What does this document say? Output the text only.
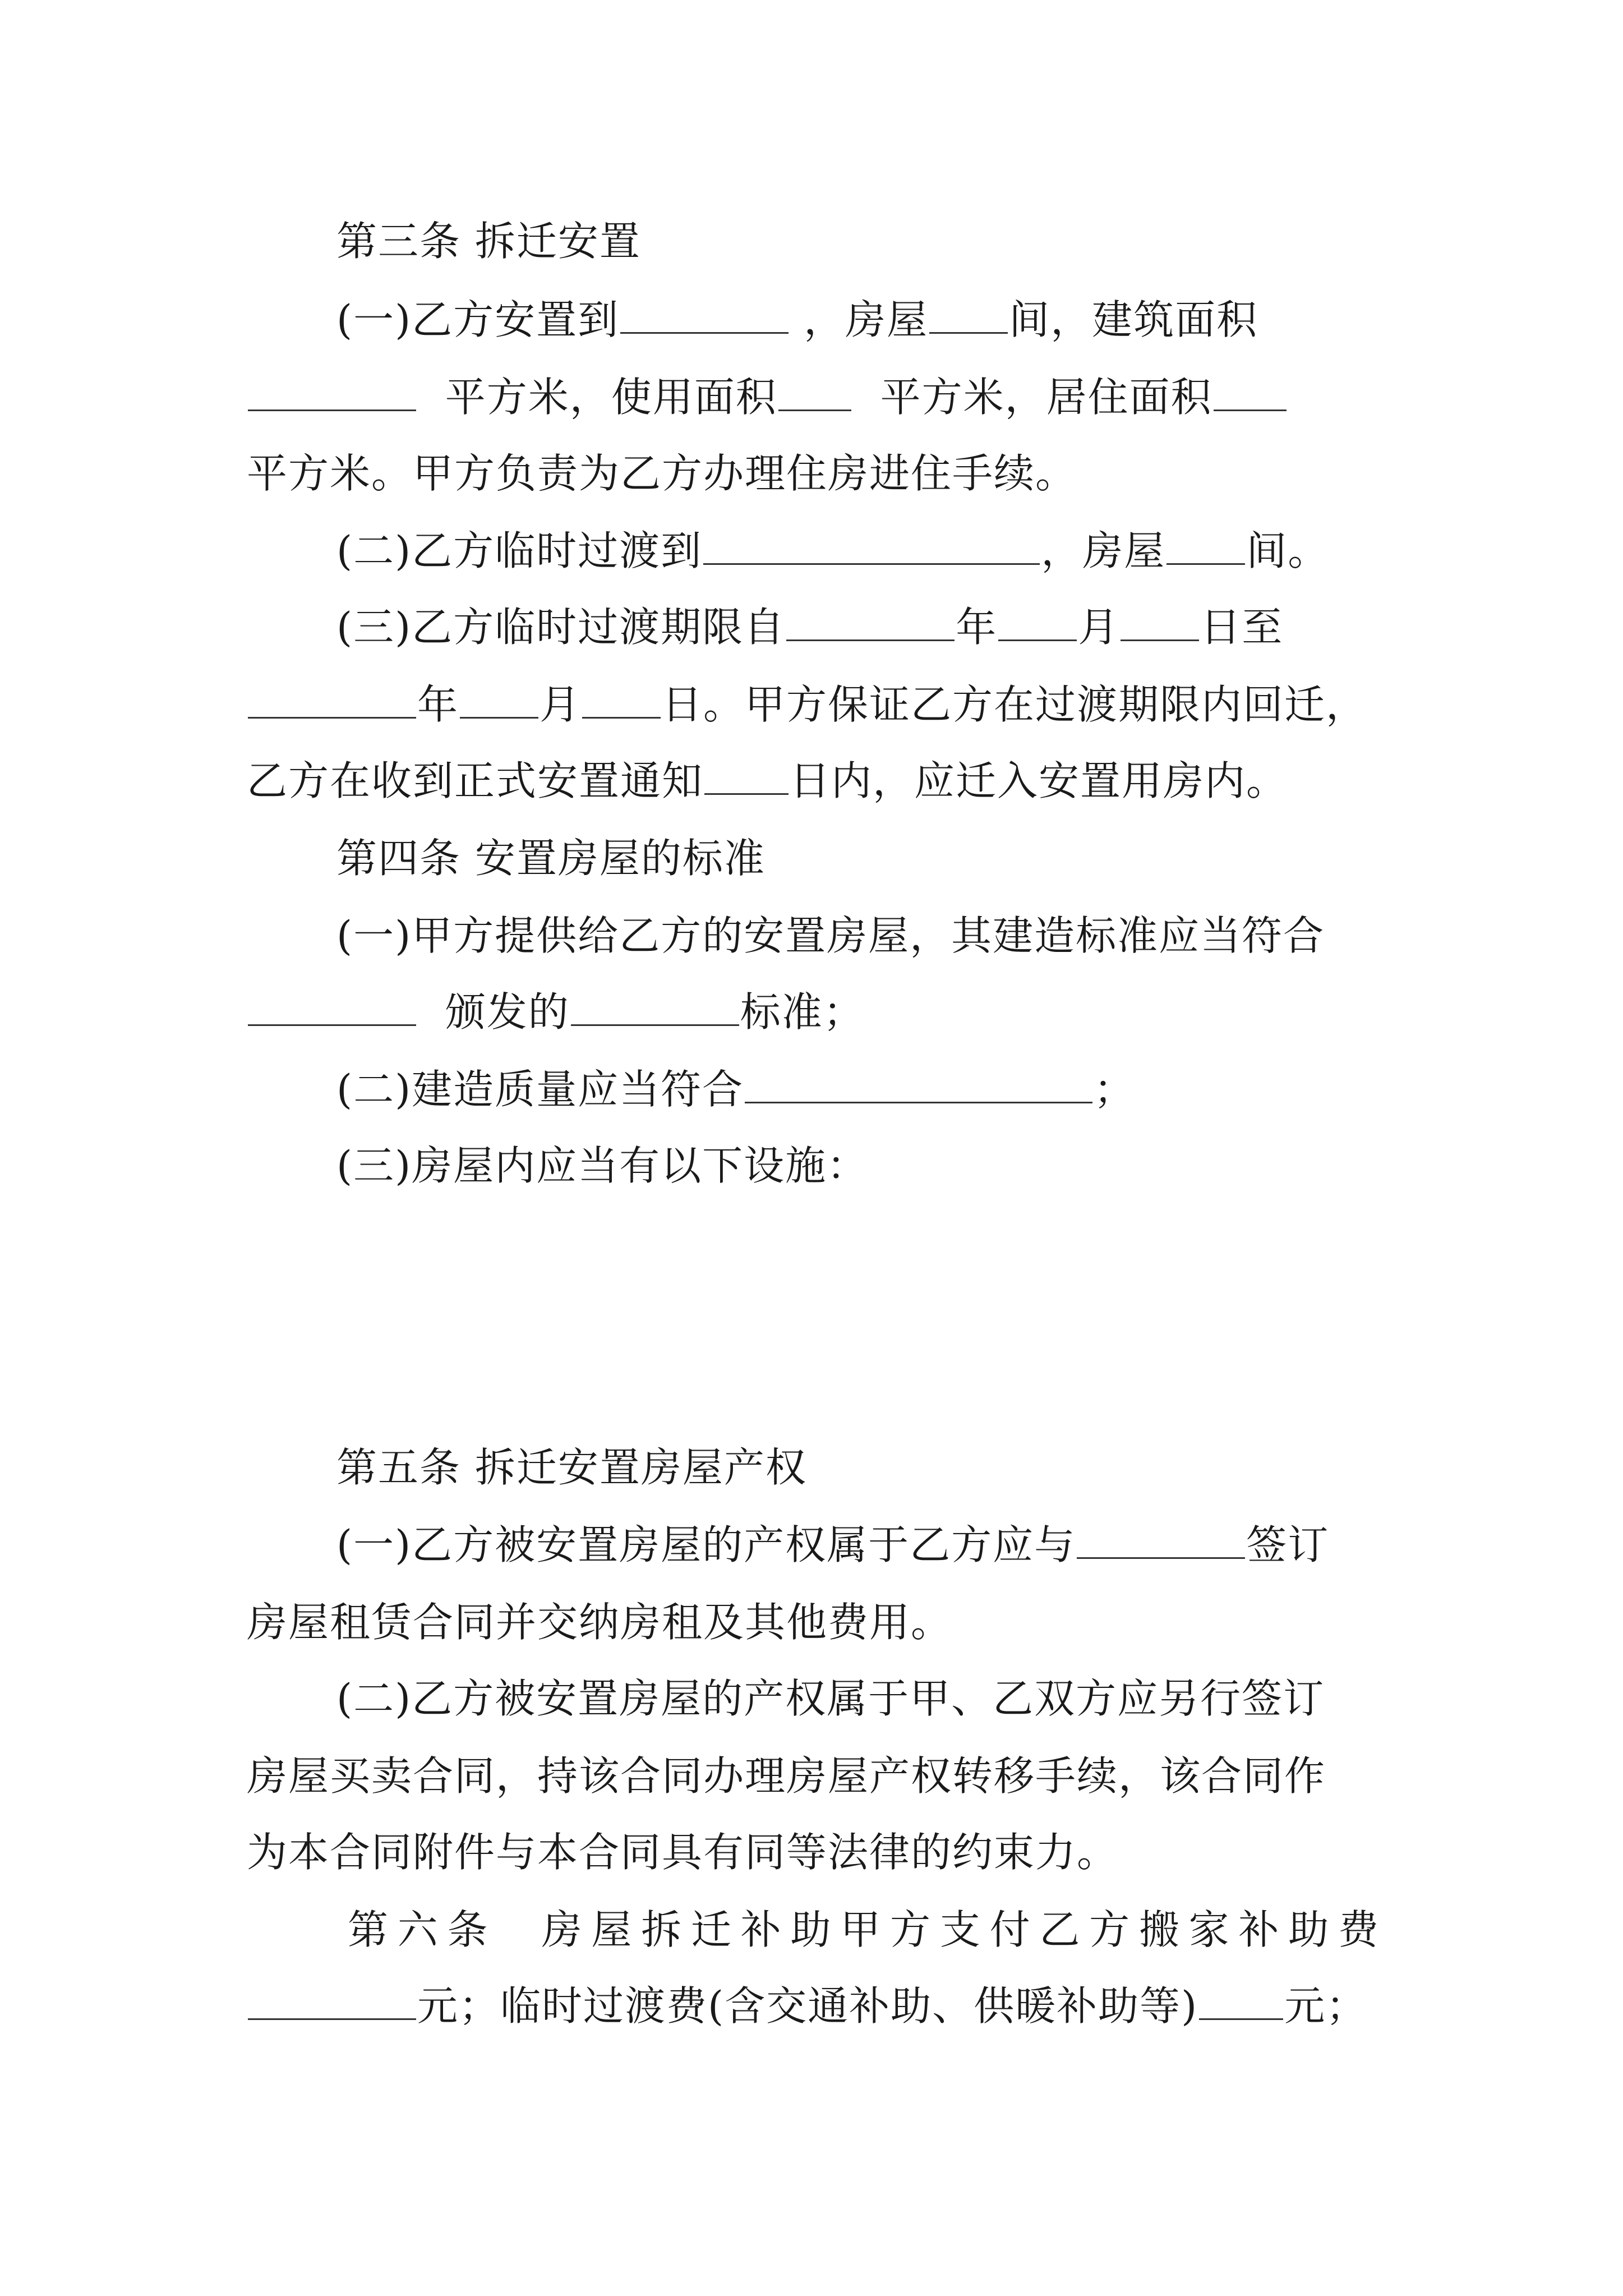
第三条 拆迁安置
(一)乙方安置到	，房屋 间，建筑面积
平方米，使用面积	平方米，居住面积
平方米。甲方负责为乙方办理住房进住手续。
(二)乙方临时过渡到	，房屋 间。
(三)乙方临时过渡期限自	年 月 日至
年 月 日。甲方保证乙方在过渡期限内回迁，
乙方在收到正式安置通知 日内，应迁入安置用房内。
第四条 安置房屋的标准
(一)甲方提供给乙方的安置房屋，其建造标准应当符合
颁发的	标准；
(二)建造质量应当符合	；
(三)房屋内应当有以下设施：
第五条 拆迁安置房屋产权
(一)乙方被安置房屋的产权属于乙方应与	签订
房屋租赁合同并交纳房租及其他费用。
(二)乙方被安置房屋的产权属于甲、乙双方应另行签订
房屋买卖合同，持该合同办理房屋产权转移手续，该合同作
为本合同附件与本合同具有同等法律的约束力。
第六条  房屋拆迁补助甲方支付乙方搬家补助费
元；临时过渡费(含交通补助、供暖补助等) 元；
